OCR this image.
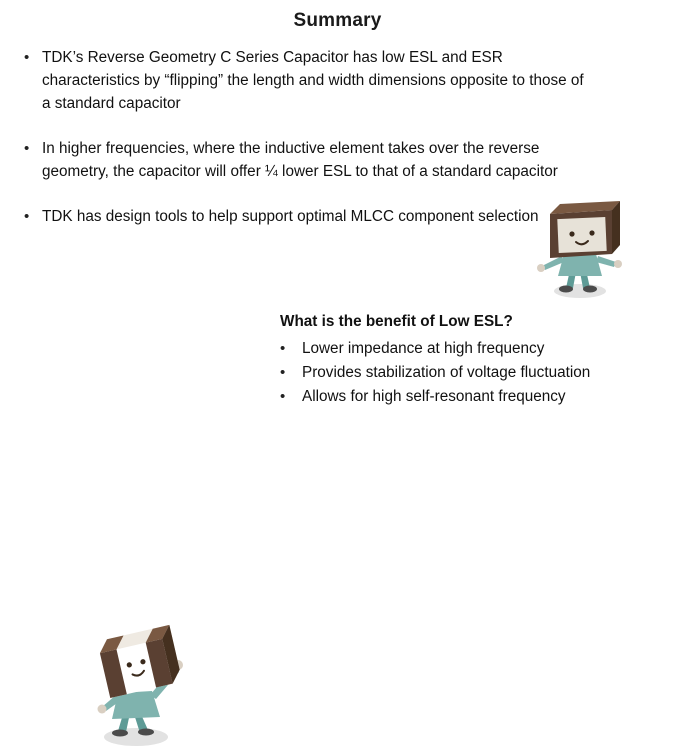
Summary
• TDK’s Reverse Geometry C Series Capacitor has low ESL and ESR characteristics by “flipping” the length and width dimensions opposite to those of a standard capacitor
• In higher frequencies, where the inductive element takes over the reverse geometry, the capacitor will offer ¼ lower ESL to that of a standard capacitor
• TDK has design tools to help support optimal MLCC component selection
What is the benefit of Low ESL?
•	Lower impedance at high frequency
•	Provides stabilization of voltage fluctuation
•	Allows for high self-resonant frequency
